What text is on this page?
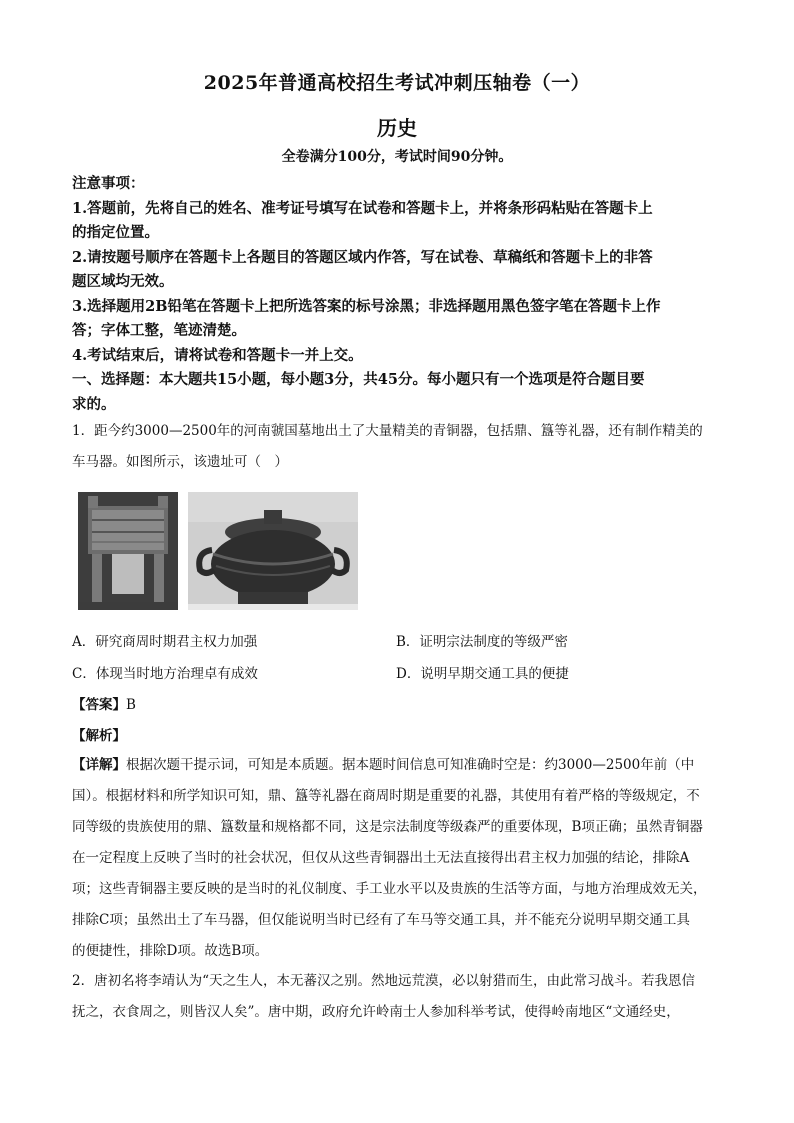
2025年普通高校招生考试冲刺压轴卷（一）
历史
全卷满分100分，考试时间90分钟。

注意事项：

1.答题前，先将自己的姓名、准考证号填写在试卷和答题卡上，并将条形码粘贴在答题卡上

的指定位置。

2.请按题号顺序在答题卡上各题目的答题区域内作答，写在试卷、草稿纸和答题卡上的非答

题区域均无效。

3.选择题用2B铅笔在答题卡上把所选答案的标号涂黑；非选择题用黑色签字笔在答题卡上作

答；字体工整，笔迹清楚。

4.考试结束后，请将试卷和答题卡一并上交。

一、选择题：本大题共15小题，每小题3分，共45分。每小题只有一个选项是符合题目要

求的。

1．距今约3000—2500年的河南虢国墓地出土了大量精美的青铜器，包括鼎、簋等礼器，还有制作精美的

车马器。如图所示，该遗址可（　）

A．研究商周时期君主权力加强	B．证明宗法制度的等级严密
C．体现当时地方治理卓有成效	D．说明早期交通工具的便捷
【答案】B
【解析】

【详解】根据次题干提示词，可知是本质题。据本题时间信息可知准确时空是：约3000—2500年前（中

国）。根据材料和所学知识可知，鼎、簋等礼器在商周时期是重要的礼器，其使用有着严格的等级规定，不

同等级的贵族使用的鼎、簋数量和规格都不同，这是宗法制度等级森严的重要体现，B项正确；虽然青铜器

在一定程度上反映了当时的社会状况，但仅从这些青铜器出土无法直接得出君主权力加强的结论，排除A

项；这些青铜器主要反映的是当时的礼仪制度、手工业水平以及贵族的生活等方面，与地方治理成效无关，

排除C项；虽然出土了车马器，但仅能说明当时已经有了车马等交通工具，并不能充分说明早期交通工具

的便捷性，排除D项。故选B项。

2．唐初名将李靖认为“天之生人，本无蕃汉之别。然地远荒漠，必以射猎而生，由此常习战斗。若我恩信

抚之，衣食周之，则皆汉人矣”。唐中期，政府允许岭南士人参加科举考试，使得岭南地区“文通经史，
